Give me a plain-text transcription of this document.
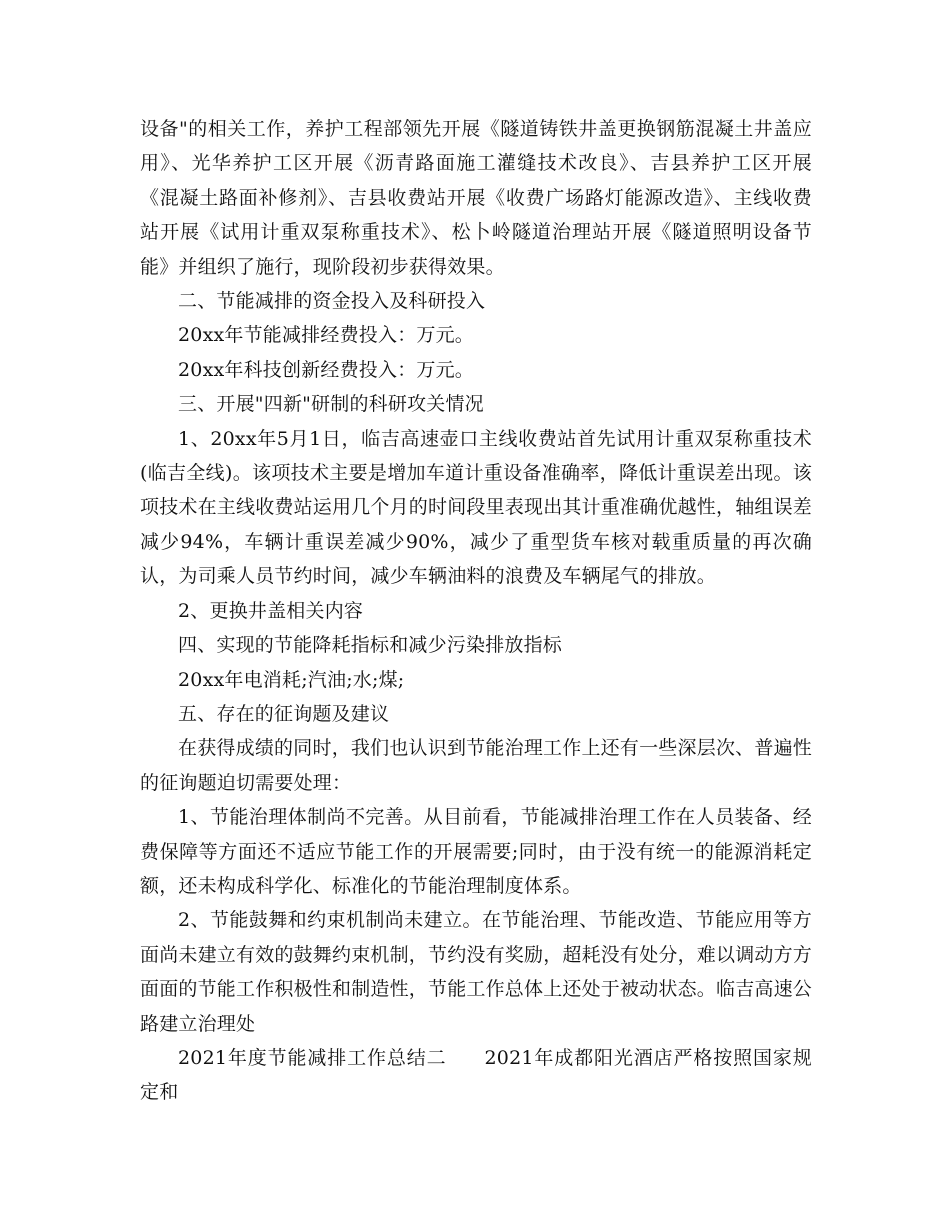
设备"的相关工作，养护工程部领先开展《隧道铸铁井盖更换钢筋混凝土井盖应用》、光华养护工区开展《沥青路面施工灌缝技术改良》、吉县养护工区开展《混凝土路面补修剂》、吉县收费站开展《收费广场路灯能源改造》、主线收费站开展《试用计重双泵称重技术》、松卜岭隧道治理站开展《隧道照明设备节能》并组织了施行，现阶段初步获得效果。

二、节能减排的资金投入及科研投入

20xx年节能减排经费投入：万元。

20xx年科技创新经费投入：万元。

三、开展"四新"研制的科研攻关情况

1、20xx年5月1日，临吉高速壶口主线收费站首先试用计重双泵称重技术(临吉全线)。该项技术主要是增加车道计重设备准确率，降低计重误差出现。该项技术在主线收费站运用几个月的时间段里表现出其计重准确优越性，轴组误差减少94%，车辆计重误差减少90%，减少了重型货车核对载重质量的再次确认，为司乘人员节约时间，减少车辆油料的浪费及车辆尾气的排放。

2、更换井盖相关内容

四、实现的节能降耗指标和减少污染排放指标

20xx年电消耗;汽油;水;煤;

五、存在的征询题及建议

在获得成绩的同时，我们也认识到节能治理工作上还有一些深层次、普遍性的征询题迫切需要处理：

1、节能治理体制尚不完善。从目前看，节能减排治理工作在人员装备、经费保障等方面还不适应节能工作的开展需要;同时，由于没有统一的能源消耗定额，还未构成科学化、标准化的节能治理制度体系。

2、节能鼓舞和约束机制尚未建立。在节能治理、节能改造、节能应用等方面尚未建立有效的鼓舞约束机制，节约没有奖励，超耗没有处分，难以调动方方面面的节能工作积极性和制造性，节能工作总体上还处于被动状态。临吉高速公路建立治理处

2021年度节能减排工作总结二 2021年成都阳光酒店严格按照国家规定和
